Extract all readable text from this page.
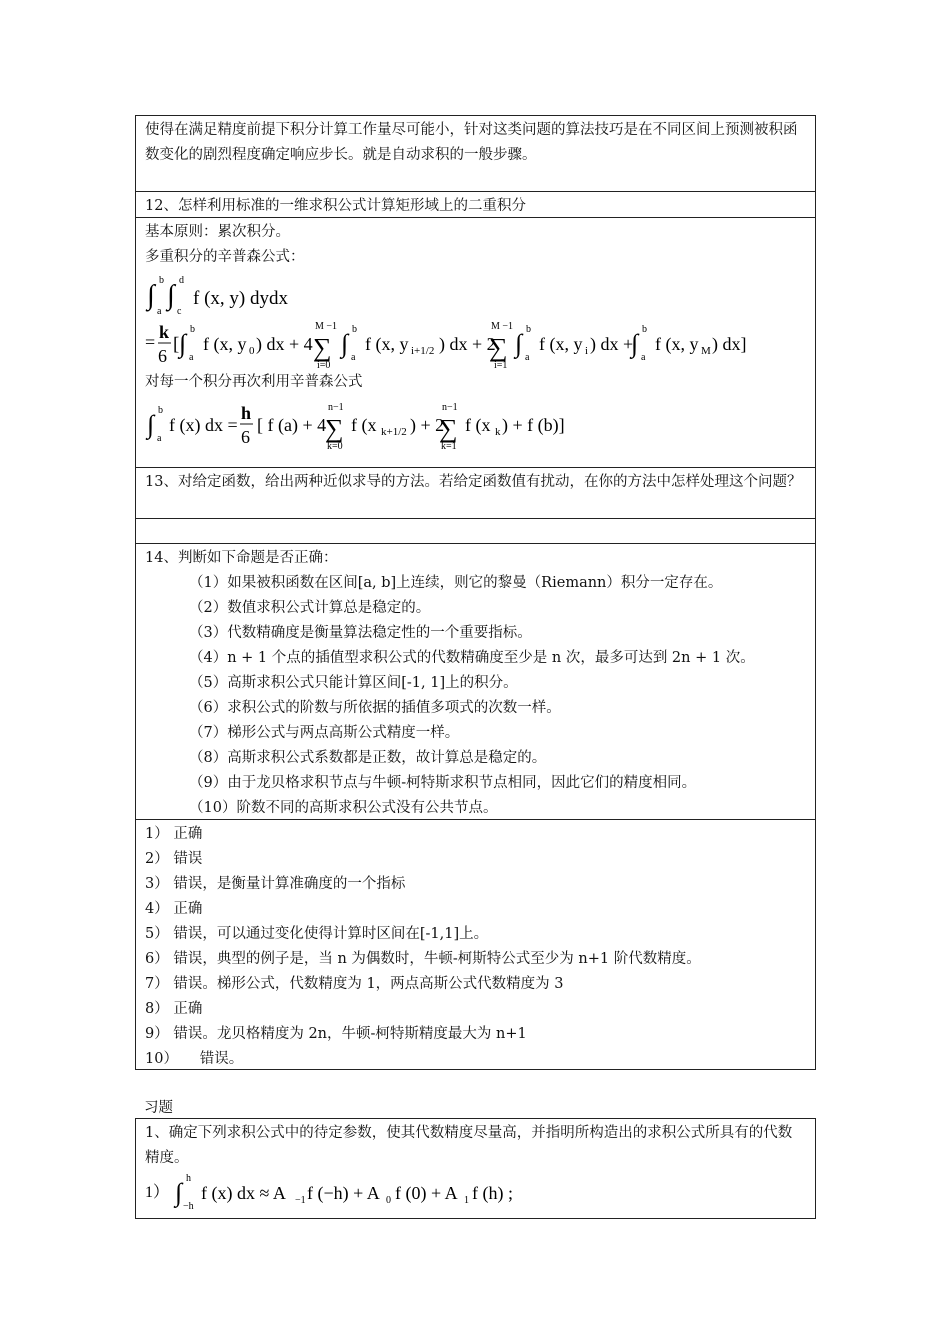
使得在满足精度前提下积分计算工作量尽可能小，针对这类问题的算法技巧是在不同区间上预测被积函数变化的剧烈程度确定响应步长。就是自动求积的一般步骤。
12、怎样利用标准的一维求积公式计算矩形域上的二重积分
基本原则：累次积分。
多重积分的辛普森公式：
∫ b
a
∫ d
c
f (x, y) dydx
= k
6
[ ∫ b
a
f (x, y 0 ) dx + 4 ∑
M −1
i=0
∫ b
a
f (x, y i+1/2 ) dx + 2
∑
M −1
i=1
∫ b
a
f (x, y i ) dx +
∫ b
a
f (x, y M ) dx]
对每一个积分再次利用辛普森公式
∫ b
a
f (x) dx =
h
6
[ f (a) + 4
∑
n−1
k=0
f (x k+1/2 ) + 2
∑
n−1
k=1
f (x k ) + f (b)]
13、对给定函数，给出两种近似求导的方法。若给定函数值有扰动，在你的方法中怎样处理这个问题？
14、判断如下命题是否正确：
（1）如果被积函数在区间[a, b]上连续，则它的黎曼（Riemann）积分一定存在。
（2）数值求积公式计算总是稳定的。
（3）代数精确度是衡量算法稳定性的一个重要指标。
（4）n + 1 个点的插值型求积公式的代数精确度至少是 n 次，最多可达到 2n + 1 次。
（5）高斯求积公式只能计算区间[-1, 1]上的积分。
（6）求积公式的阶数与所依据的插值多项式的次数一样。
（7）梯形公式与两点高斯公式精度一样。
（8）高斯求积公式系数都是正数，故计算总是稳定的。
（9）由于龙贝格求积节点与牛顿-柯特斯求积节点相同，因此它们的精度相同。
（10）阶数不同的高斯求积公式没有公共节点。
1） 正确
2） 错误
3） 错误，是衡量计算准确度的一个指标
4） 正确
5） 错误，可以通过变化使得计算时区间在[-1,1]上。
6） 错误，典型的例子是，当 n 为偶数时，牛顿-柯斯特公式至少为 n+1 阶代数精度。
7） 错误。梯形公式，代数精度为 1，两点高斯公式代数精度为 3
8） 正确
9） 错误。龙贝格精度为 2n，牛顿-柯特斯精度最大为 n+1
10）　　错误。
习题
1、确定下列求积公式中的待定参数，使其代数精度尽量高，并指明所构造出的求积公式所具有的代数精度。
1） ∫ h
−h
f (x) dx ≈ A −1 f (−h) + A 0 f (0) + A 1 f (h) ;
